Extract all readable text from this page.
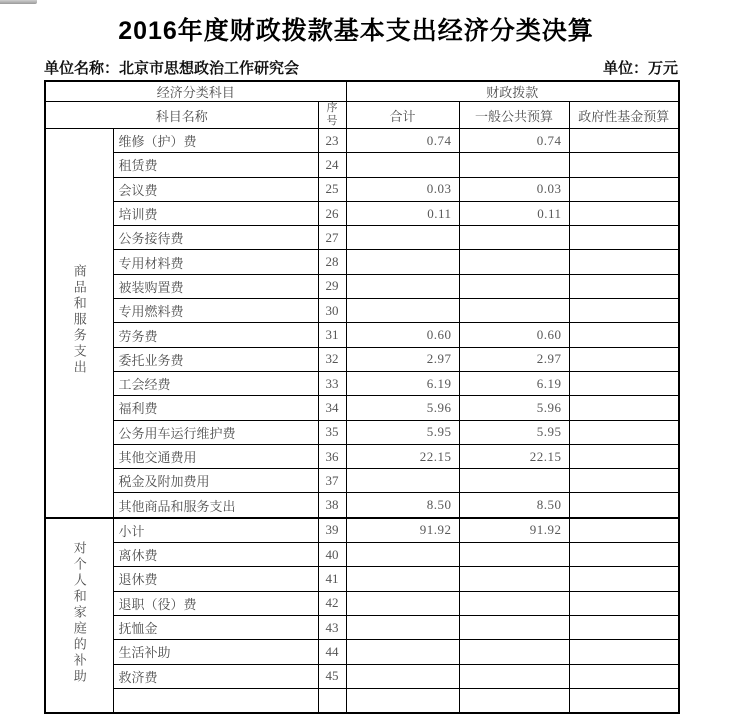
2016年度财政拨款基本支出经济分类决算
单位名称：北京市思想政治工作研究会	单位：万元
经济分类科目			财政拨款		
科目名称		序号	合计	一般公共预算	政府性基金预算
商品和服务支出	维修（护）费	23	0.74	0.74	
	租赁费	24			
	会议费	25	0.03	0.03	
	培训费	26	0.11	0.11	
	公务接待费	27			
	专用材料费	28			
	被装购置费	29			
	专用燃料费	30			
	劳务费	31	0.60	0.60	
	委托业务费	32	2.97	2.97	
	工会经费	33	6.19	6.19	
	福利费	34	5.96	5.96	
	公务用车运行维护费	35	5.95	5.95	
	其他交通费用	36	22.15	22.15	
	税金及附加费用	37			
	其他商品和服务支出	38	8.50	8.50	
对个人和家庭的补助	小计	39	91.92	91.92	
	离休费	40			
	退休费	41			
	退职（役）费	42			
	抚恤金	43			
	生活补助	44			
	救济费	45			
